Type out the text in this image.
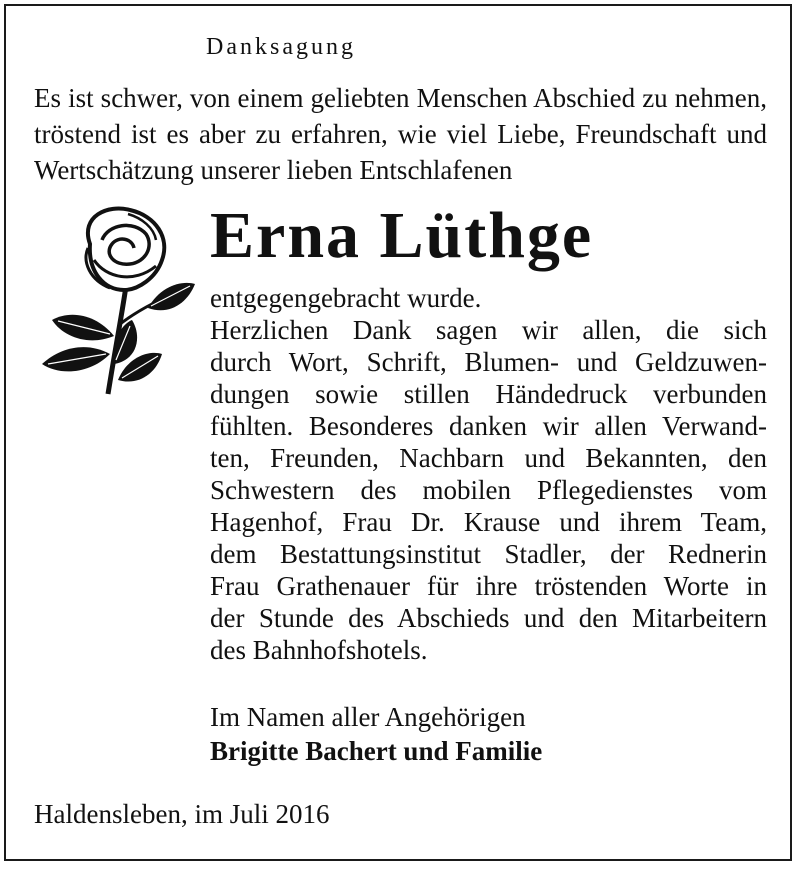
Danksagung
Es ist schwer, von einem geliebten Menschen Abschied zu nehmen, tröstend ist es aber zu erfahren, wie viel Liebe, Freundschaft und Wertschätzung unserer lieben Entschlafenen
Erna Lüthge
entgegengebracht wurde.
Herzlichen Dank sagen wir allen, die sich
durch Wort, Schrift, Blumen- und Geldzuwen-
dungen sowie stillen Händedruck verbunden
fühlten. Besonderes danken wir allen Verwand-
ten, Freunden, Nachbarn und Bekannten, den
Schwestern des mobilen Pflegedienstes vom
Hagenhof, Frau Dr. Krause und ihrem Team,
dem Bestattungsinstitut Stadler, der Rednerin
Frau Grathenauer für ihre tröstenden Worte in
der Stunde des Abschieds und den Mitarbeitern
des Bahnhofshotels.
Im Namen aller Angehörigen
Brigitte Bachert und Familie
Haldensleben, im Juli 2016
